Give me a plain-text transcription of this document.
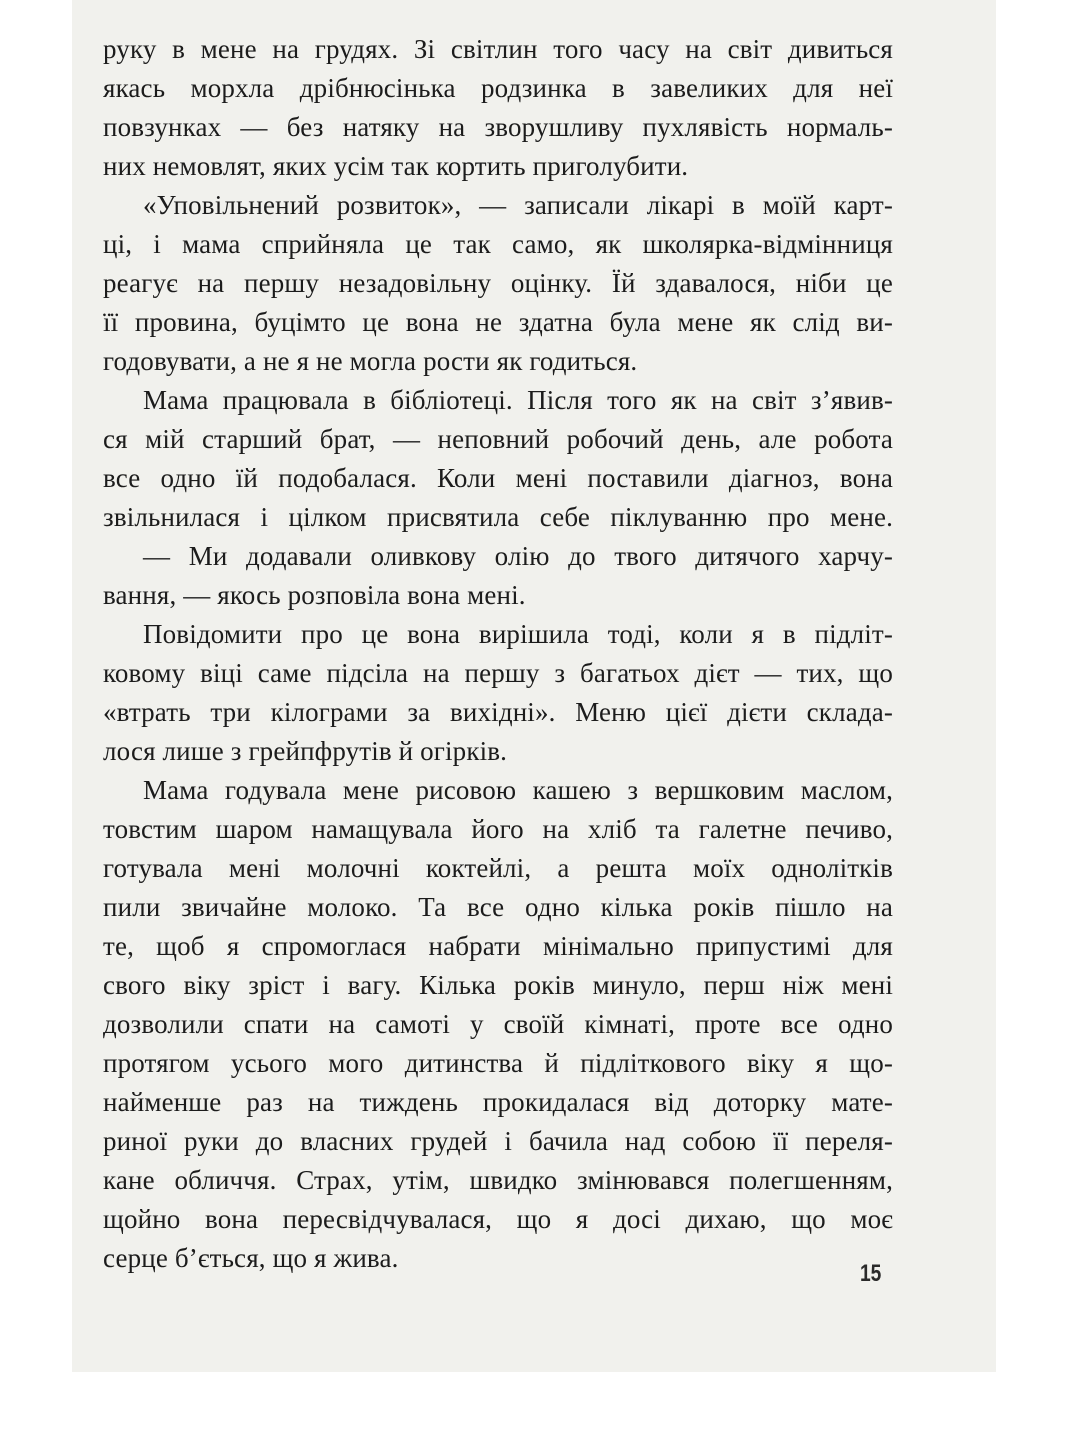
руку в мене на грудях. Зі світлин того часу на світ дивиться
якась морхла дрібнюсінька родзинка в завеликих для неї
повзунках — без натяку на зворушливу пухлявість нормаль-
них немовлят, яких усім так кортить приголубити.
«Уповільнений розвиток», — записали лікарі в моїй карт-
ці, і мама сприйняла це так само, як школярка-відмінниця
реагує на першу незадовільну оцінку. Їй здавалося, ніби це
її провина, буцімто це вона не здатна була мене як слід ви-
годовувати, а не я не могла рости як годиться.
Мама працювала в бібліотеці. Після того як на світ з’явив-
ся мій старший брат, — неповний робочий день, але робота
все одно їй подобалася. Коли мені поставили діагноз, вона
звільнилася і цілком присвятила себе піклуванню про мене.
— Ми додавали оливкову олію до твого дитячого харчу-
вання, — якось розповіла вона мені.
Повідомити про це вона вирішила тоді, коли я в підліт-
ковому віці саме підсіла на першу з багатьох дієт — тих, що
«втрать три кілограми за вихідні». Меню цієї дієти склада-
лося лише з грейпфрутів й огірків.
Мама годувала мене рисовою кашею з вершковим маслом,
товстим шаром намащувала його на хліб та галетне печиво,
готувала мені молочні коктейлі, а решта моїх однолітків
пили звичайне молоко. Та все одно кілька років пішло на
те, щоб я спромоглася набрати мінімально припустимі для
свого віку зріст і вагу. Кілька років минуло, перш ніж мені
дозволили спати на самоті у своїй кімнаті, проте все одно
протягом усього мого дитинства й підліткового віку я що-
найменше раз на тиждень прокидалася від доторку мате-
риної руки до власних грудей і бачила над собою її переля-
кане обличчя. Страх, утім, швидко змінювався полегшенням,
щойно вона пересвідчувалася, що я досі дихаю, що моє
серце б’ється, що я жива.
15
